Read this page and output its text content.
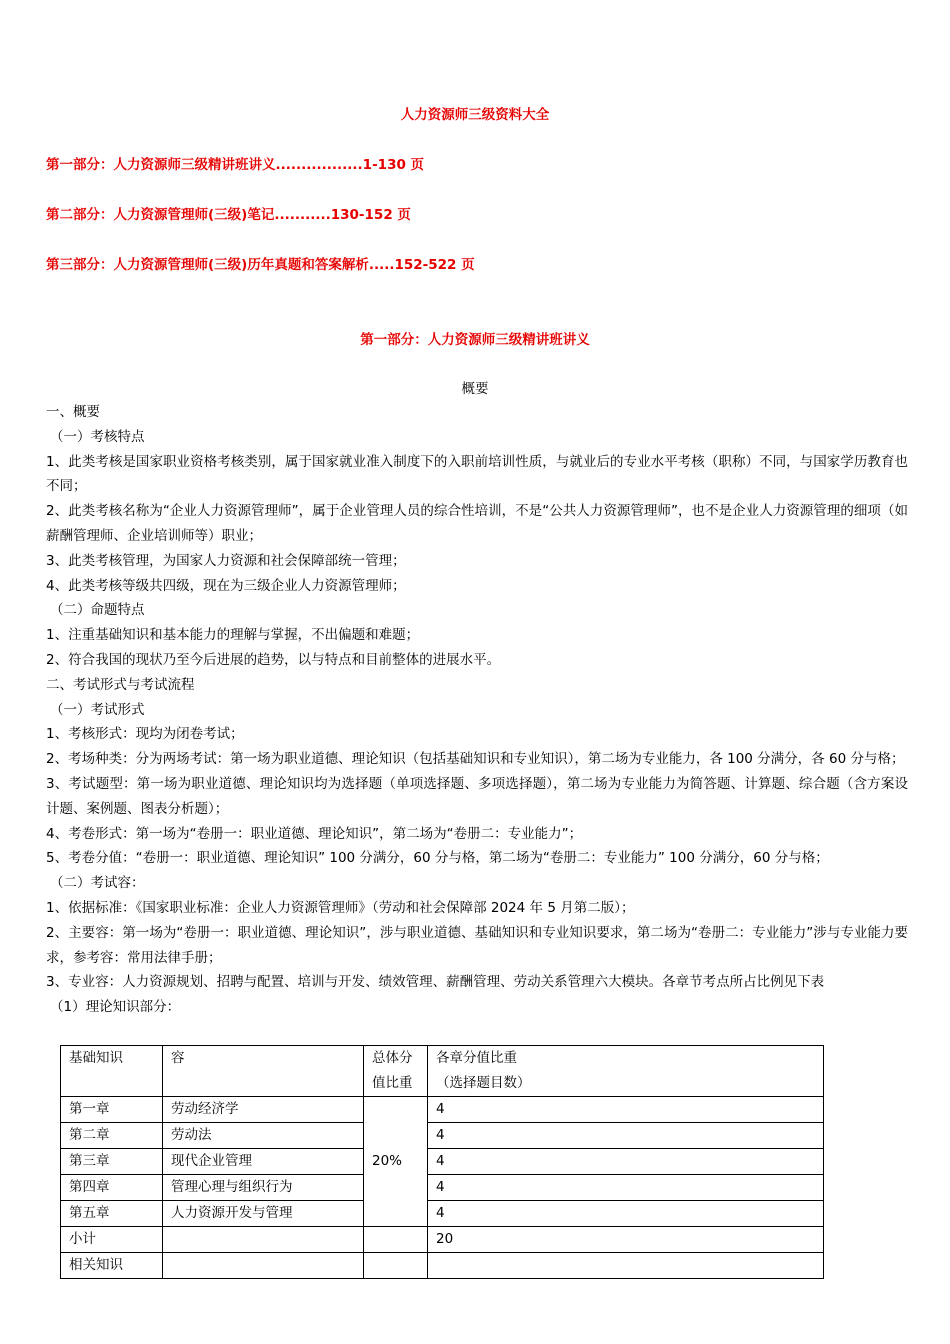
人力资源师三级资料大全
第一部分：人力资源师三级精讲班讲义.................1-130 页
第二部分：人力资源管理师(三级)笔记...........130-152 页
第三部分：人力资源管理师(三级)历年真题和答案解析.....152-522 页
第一部分：人力资源师三级精讲班讲义
概要

一、概要

（一）考核特点

1、此类考核是国家职业资格考核类别，属于国家就业准入制度下的入职前培训性质，与就业后的专业水平考核（职称）不同，与国家学历教育也不同；

2、此类考核名称为“企业人力资源管理师”，属于企业管理人员的综合性培训，不是“公共人力资源管理师”，也不是企业人力资源管理的细项（如薪酬管理师、企业培训师等）职业；

3、此类考核管理，为国家人力资源和社会保障部统一管理；

4、此类考核等级共四级，现在为三级企业人力资源管理师；

（二）命题特点

1、注重基础知识和基本能力的理解与掌握，不出偏题和难题；

2、符合我国的现状乃至今后进展的趋势，以与特点和目前整体的进展水平。

二、考试形式与考试流程

（一）考试形式

1、考核形式：现均为闭卷考试；

2、考场种类：分为两场考试：第一场为职业道德、理论知识（包括基础知识和专业知识），第二场为专业能力，各 100 分满分，各 60 分与格；

3、考试题型：第一场为职业道德、理论知识均为选择题（单项选择题、多项选择题），第二场为专业能力为简答题、计算题、综合题（含方案设计题、案例题、图表分析题）；

4、考卷形式：第一场为“卷册一：职业道德、理论知识”，第二场为“卷册二：专业能力”；

5、考卷分值：“卷册一：职业道德、理论知识” 100 分满分，60 分与格，第二场为“卷册二：专业能力” 100 分满分，60 分与格；

（二）考试容：

1、依据标准：《国家职业标准：企业人力资源管理师》（劳动和社会保障部 2024 年 5 月第二版）；

2、主要容：第一场为“卷册一：职业道德、理论知识”，涉与职业道德、基础知识和专业知识要求，第二场为“卷册二：专业能力”涉与专业能力要求，参考容：常用法律手册；

3、专业容：人力资源规划、招聘与配置、培训与开发、绩效管理、薪酬管理、劳动关系管理六大模块。各章节考点所占比例见下表

（1）理论知识部分：

基础知识	容	总体分值比重	各章分值比重
（选择题目数）

第一章	劳动经济学	20%	4
第二章	劳动法		4
第三章	现代企业管理		4
第四章	管理心理与组织行为		4
第五章	人力资源开发与管理		4
小计			20
相关知识			
